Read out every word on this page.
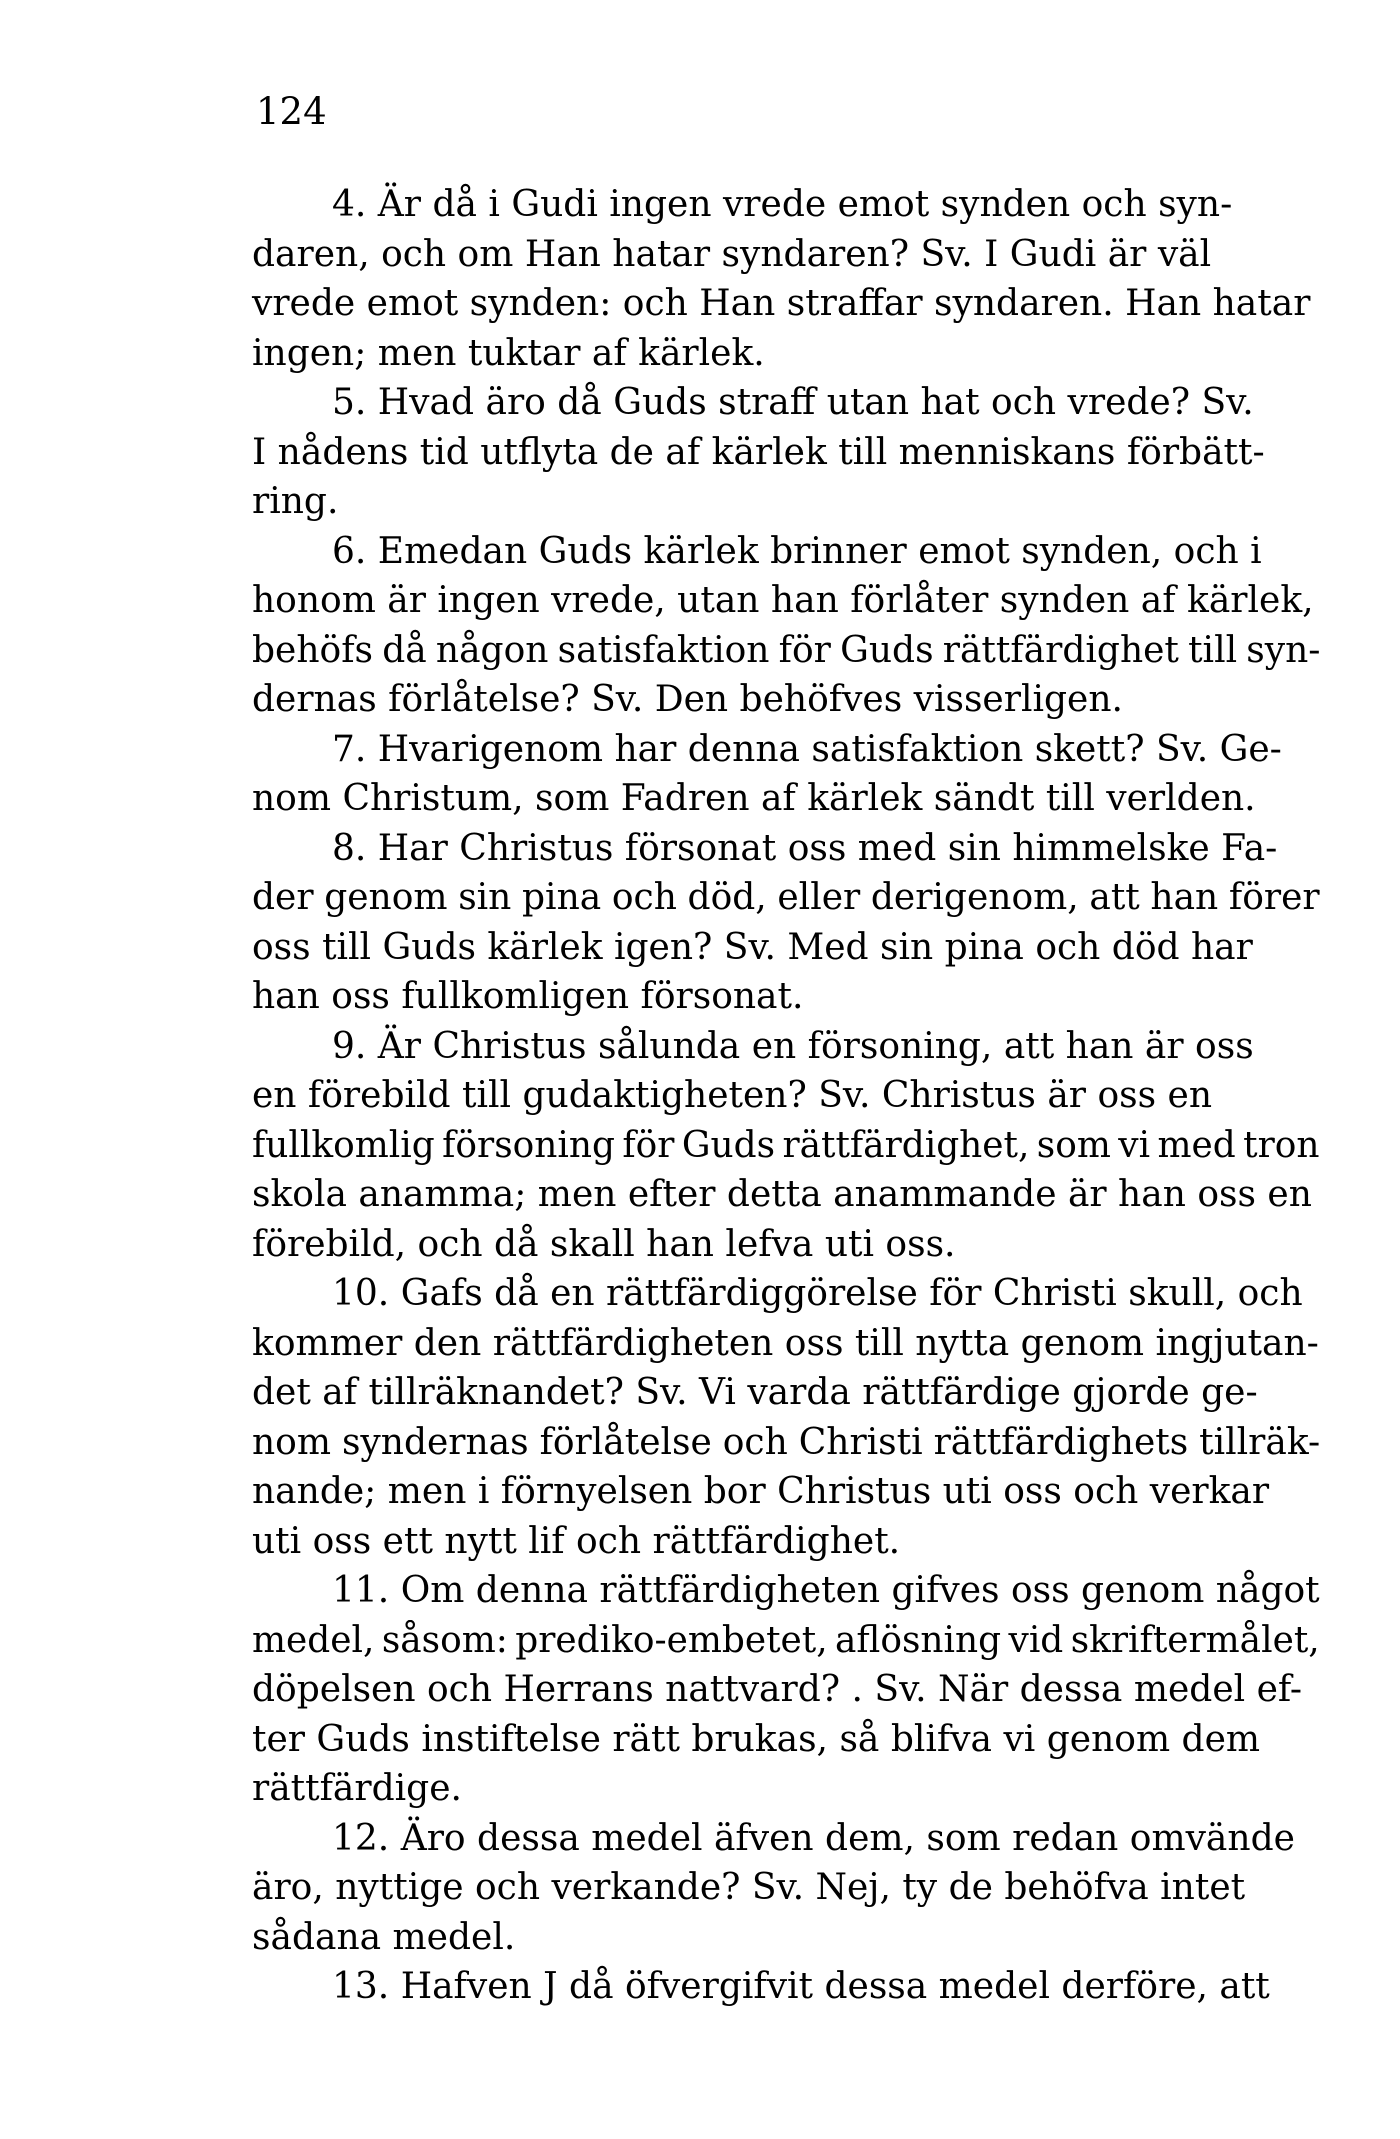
124

4. Är då i Gudi ingen vrede emot synden och syn-
daren, och om Han hatar syndaren? Sv. I Gudi är väl
vrede emot synden: och Han straffar syndaren. Han hatar
ingen; men tuktar af kärlek.

5. Hvad äro då Guds straff utan hat och vrede? Sv.
I nådens tid utflyta de af kärlek till menniskans förbätt-
ring.

6. Emedan Guds kärlek brinner emot synden, och i
honom är ingen vrede, utan han förlåter synden af kärlek,
behöfs då någon satisfaktion för Guds rättfärdighet till syn-
dernas förlåtelse? Sv. Den behöfves visserligen.

7. Hvarigenom har denna satisfaktion skett? Sv. Ge-
nom Christum, som Fadren af kärlek sändt till verlden.

8. Har Christus försonat oss med sin himmelske Fa-
der genom sin pina och död, eller derigenom, att han förer
oss till Guds kärlek igen? Sv. Med sin pina och död har
han oss fullkomligen försonat.

9. Är Christus sålunda en försoning, att han är oss
en förebild till gudaktigheten? Sv. Christus är oss en
fullkomlig försoning för Guds rättfärdighet, som vi med tron
skola anamma; men efter detta anammande är han oss en
förebild, och då skall han lefva uti oss.

10. Gafs då en rättfärdiggörelse för Christi skull, och
kommer den rättfärdigheten oss till nytta genom ingjutan-
det af tillräknandet? Sv. Vi varda rättfärdige gjorde ge-
nom syndernas förlåtelse och Christi rättfärdighets tillräk-
nande; men i förnyelsen bor Christus uti oss och verkar
uti oss ett nytt lif och rättfärdighet.

11. Om denna rättfärdigheten gifves oss genom något
medel, såsom: prediko-embetet, aflösning vid skriftermålet,
döpelsen och Herrans nattvard? . Sv. När dessa medel ef-
ter Guds instiftelse rätt brukas, så blifva vi genom dem
rättfärdige.

12. Äro dessa medel äfven dem, som redan omvände
äro, nyttige och verkande? Sv. Nej, ty de behöfva intet
sådana medel.

13. Hafven J då öfvergifvit dessa medel derföre, att
